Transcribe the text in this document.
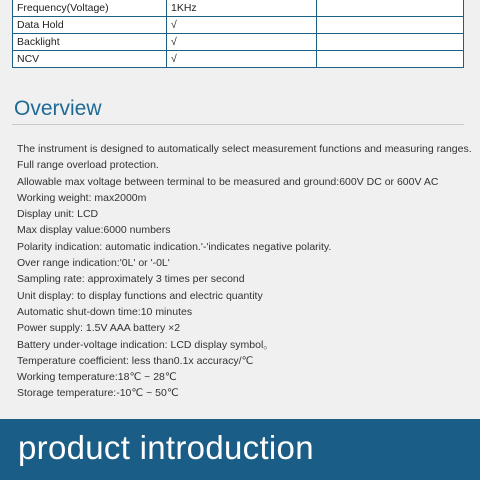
Frequency(Voltage)	1KHz	
Data Hold	√	
Backlight	√	
NCV	√	
Overview
The instrument is designed to automatically select measurement functions and measuring ranges.
Full range overload protection.
Allowable max voltage between terminal to be measured and ground:600V DC or 600V AC
Working weight: max2000m
Display unit: LCD
Max display value:6000 numbers
Polarity indication: automatic indication.'-'indicates negative polarity.
Over range indication:'0L' or '-0L'
Sampling rate: approximately 3 times per second
Unit display: to display functions and electric quantity
Automatic shut-down time:10 minutes
Power supply: 1.5V AAA battery ×2
Battery under-voltage indication: LCD display symbol。
Temperature coefficient: less than0.1x accuracy/℃
Working temperature:18℃ ~ 28℃
Storage temperature:-10℃ ~ 50℃
product introduction
